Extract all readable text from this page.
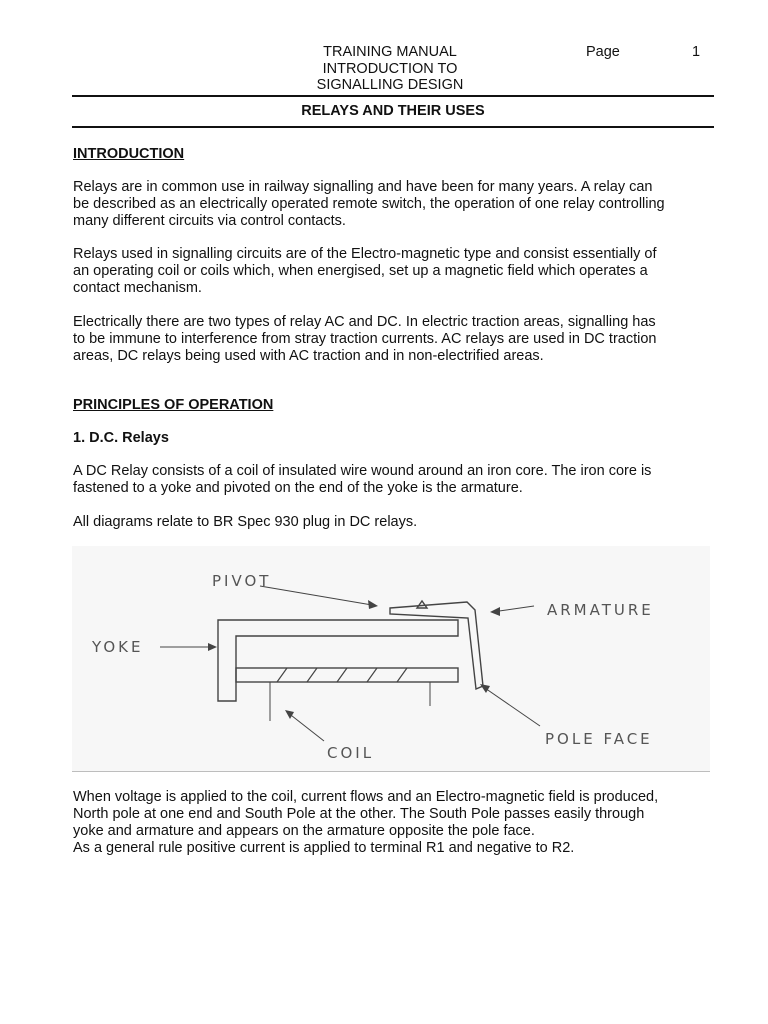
TRAINING MANUAL
INTRODUCTION TO
SIGNALLING DESIGN
Page	1
RELAYS AND THEIR USES
INTRODUCTION
Relays are in common use in railway signalling and have been for many years. A relay can
be described as an electrically operated remote switch, the operation of one relay controlling
many different circuits via control contacts.
Relays used in signalling circuits are of the Electro-magnetic type and consist essentially of
an operating coil or coils which, when energised, set up a magnetic field which operates a
contact mechanism.
Electrically there are two types of relay AC and DC. In electric traction areas, signalling has
to be immune to interference from stray traction currents. AC relays are used in DC traction
areas, DC relays being used with AC traction and in non-electrified areas.
PRINCIPLES OF OPERATION
1. D.C. Relays
A DC Relay consists of a coil of insulated wire wound around an iron core. The iron core is
fastened to a yoke and pivoted on the end of the yoke is the armature.
All diagrams relate to BR Spec 930 plug in DC relays.
PIVOT
ARMATURE
YOKE
POLE FACE
COIL
When voltage is applied to the coil, current flows and an Electro-magnetic field is produced,
North pole at one end and South Pole at the other. The South Pole passes easily through
yoke and armature and appears on the armature opposite the pole face.
As a general rule positive current is applied to terminal R1 and negative to R2.
